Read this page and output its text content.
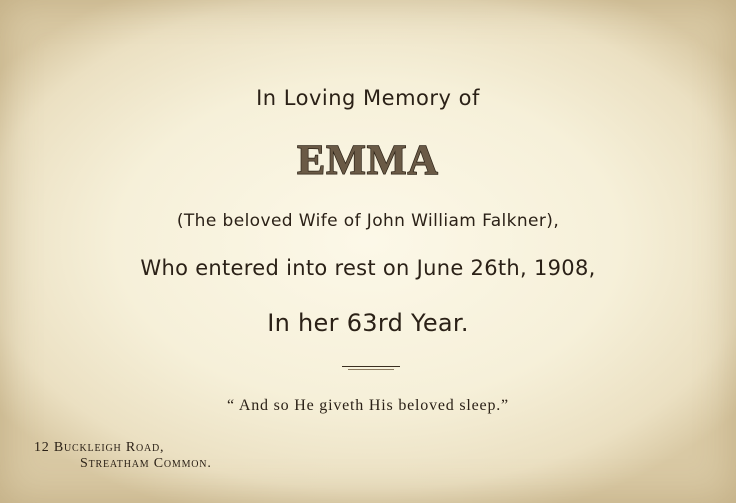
In Loving Memory of
EMMA
(The beloved Wife of John William Falkner),
Who entered into rest on June 26th, 1908,
In her 63rd Year.
“ And so He giveth His beloved sleep.”
12 Buckleigh Road,
Streatham Common.
